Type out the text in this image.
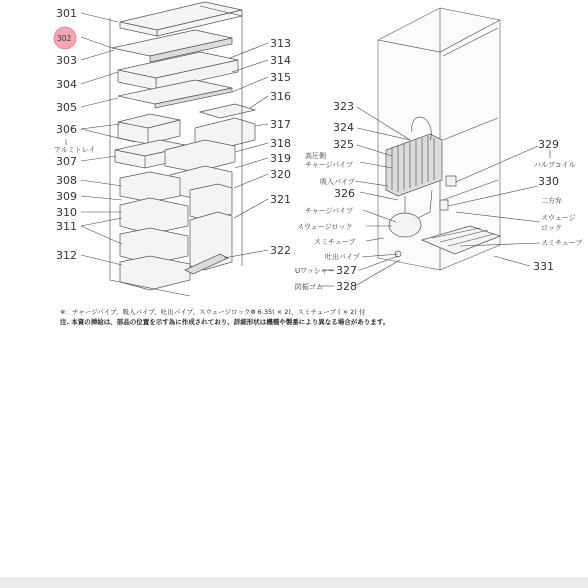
301
302
303
304
305
306
アルミトレイ
307
308
309
310
311
312
313
314
315
316
317
318
319
320
321
322
323
324
325
高圧側
チャージパイプ
吸入パイプ
326
チャージパイプ
スウェージロック
スミチューブ
吐出パイプ
Uワッシャー 327
防振ゴム 328
329
バルブコイル
330
二方弁
スウェージ
ロック
スミチューブ
331
※：チャージパイプ、吸入パイプ、吐出パイプ、スウェージロックΦ 6.35( × 2)、スミチューブ ( × 2) 付
注. 本資の挿絵は、部品の位置を示す為に作成されており、詳細形状は機種や製番により異なる場合があります。
